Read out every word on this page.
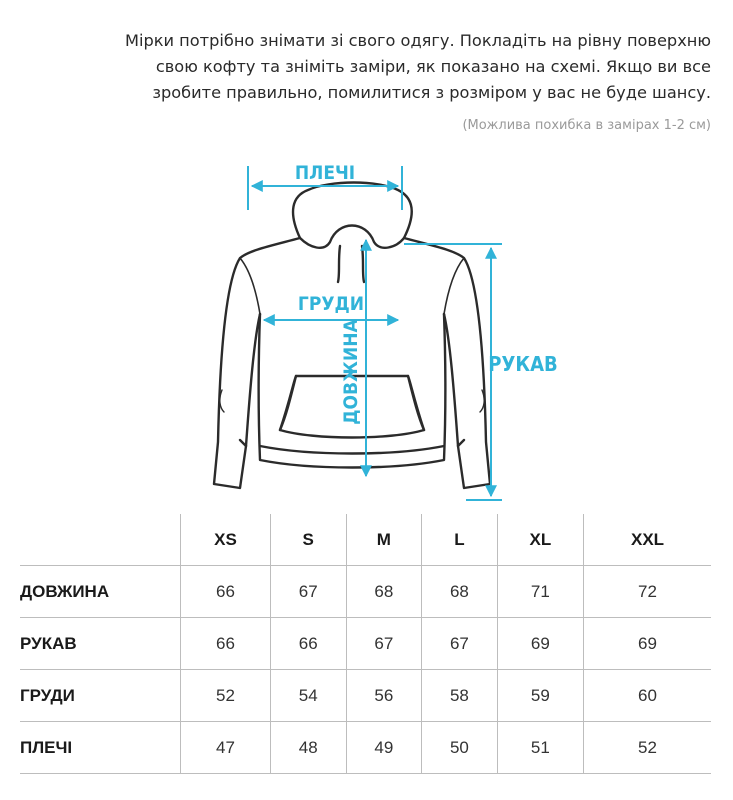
Мірки потрібно знімати зі свого одягу. Покладіть на рівну поверхню

свою кофту та зніміть заміри, як показано на схемі. Якщо ви все

зробите правильно, помилитися з розміром у вас не буде шансу.

(Можлива похибка в замірах 1-2 см)
ПЛЕЧІ
ГРУДИ
ДОВЖИНА	РУКАВ
	XS	S	M	L	XL	XXL
ДОВЖИНА	66	67	68	68	71	72
РУКАВ	66	66	67	67	69	69
ГРУДИ	52	54	56	58	59	60
ПЛЕЧІ	47	48	49	50	51	52
